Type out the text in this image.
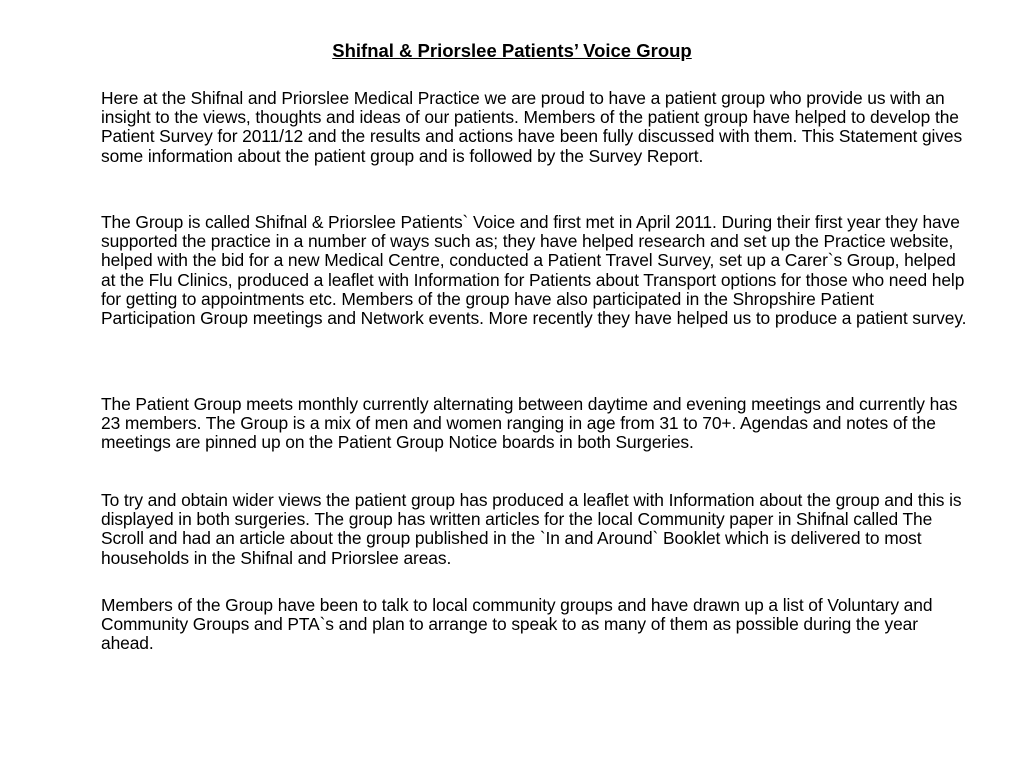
Shifnal & Priorslee Patients’ Voice Group

Here at the Shifnal and Priorslee Medical Practice we are proud to have a patient group who provide us with an insight to the views, thoughts and ideas of our patients. Members of the patient group have helped to develop the Patient Survey for 2011/12 and the results and actions have been fully discussed with them. This Statement gives some information about the patient group and is followed by the Survey Report.

The Group is called Shifnal & Priorslee Patients` Voice and first met in April 2011. During their first year they have supported the practice in a number of ways such as; they have helped research and set up the Practice website, helped with the bid for a new Medical Centre, conducted a Patient Travel Survey, set up a Carer`s Group, helped at the Flu Clinics, produced a leaflet with Information for Patients about Transport options for those who need help for getting to appointments etc. Members of the group have also participated in the Shropshire Patient Participation Group meetings and Network events. More recently they have helped us to produce a patient survey.

The Patient Group meets monthly currently alternating between daytime and evening meetings and currently has 23 members. The Group is a mix of men and women ranging in age from 31 to 70+. Agendas and notes of the meetings are pinned up on the Patient Group Notice boards in both Surgeries.

To try and obtain wider views the patient group has produced a leaflet with Information about the group and this is displayed in both surgeries. The group has written articles for the local Community paper in Shifnal called The Scroll and had an article about the group published in the `In and Around` Booklet which is delivered to most households in the Shifnal and Priorslee areas.

Members of the Group have been to talk to local community groups and have drawn up a list of Voluntary and Community Groups and PTA`s and plan to arrange to speak to as many of them as possible during the year ahead.
